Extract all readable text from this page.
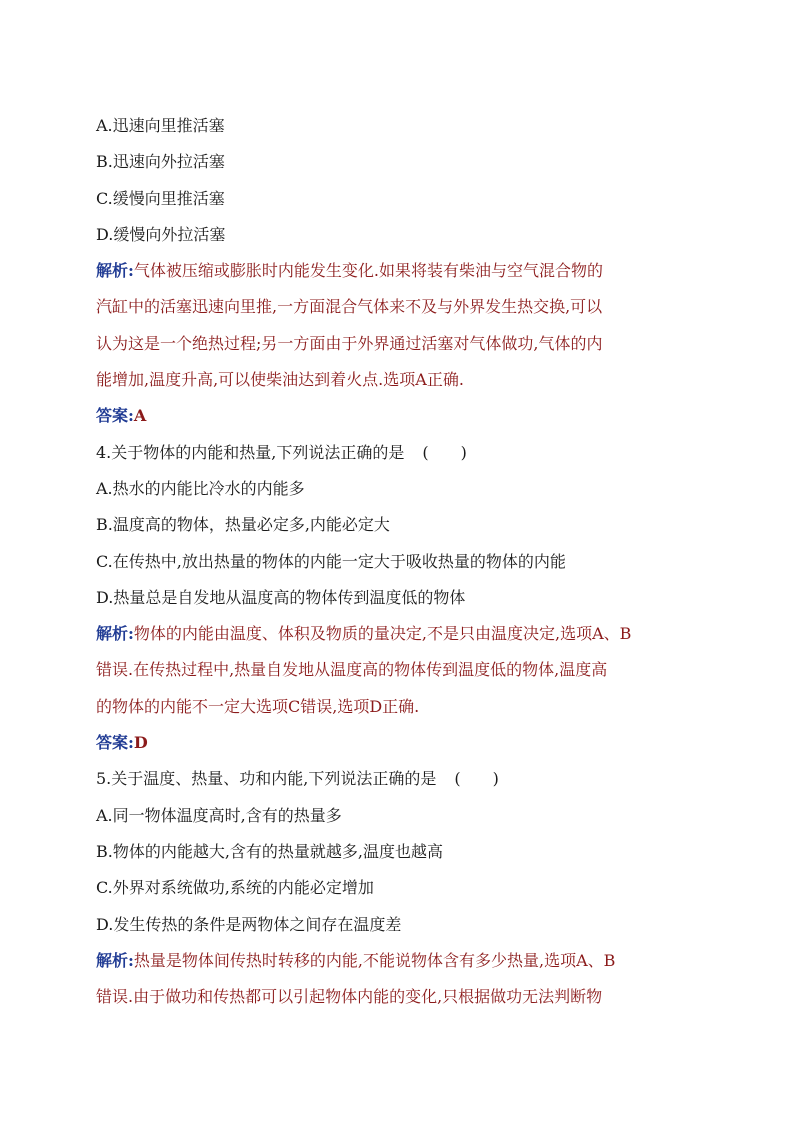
A.迅速向里推活塞
B.迅速向外拉活塞
C.缓慢向里推活塞
D.缓慢向外拉活塞
解析:气体被压缩或膨胀时内能发生变化.如果将装有柴油与空气混合物的
汽缸中的活塞迅速向里推,一方面混合气体来不及与外界发生热交换,可以
认为这是一个绝热过程;另一方面由于外界通过活塞对气体做功,气体的内
能增加,温度升高,可以使柴油达到着火点.选项A正确.
答案:A
4.关于物体的内能和热量,下列说法正确的是 (　　)
A.热水的内能比冷水的内能多
B.温度高的物体，热量必定多,内能必定大
C.在传热中,放出热量的物体的内能一定大于吸收热量的物体的内能
D.热量总是自发地从温度高的物体传到温度低的物体
解析:物体的内能由温度、体积及物质的量决定,不是只由温度决定,选项A、B
错误.在传热过程中,热量自发地从温度高的物体传到温度低的物体,温度高
的物体的内能不一定大选项C错误,选项D正确.
答案:D
5.关于温度、热量、功和内能,下列说法正确的是 (　　)
A.同一物体温度高时,含有的热量多
B.物体的内能越大,含有的热量就越多,温度也越高
C.外界对系统做功,系统的内能必定增加
D.发生传热的条件是两物体之间存在温度差
解析:热量是物体间传热时转移的内能,不能说物体含有多少热量,选项A、B
错误.由于做功和传热都可以引起物体内能的变化,只根据做功无法判断物
